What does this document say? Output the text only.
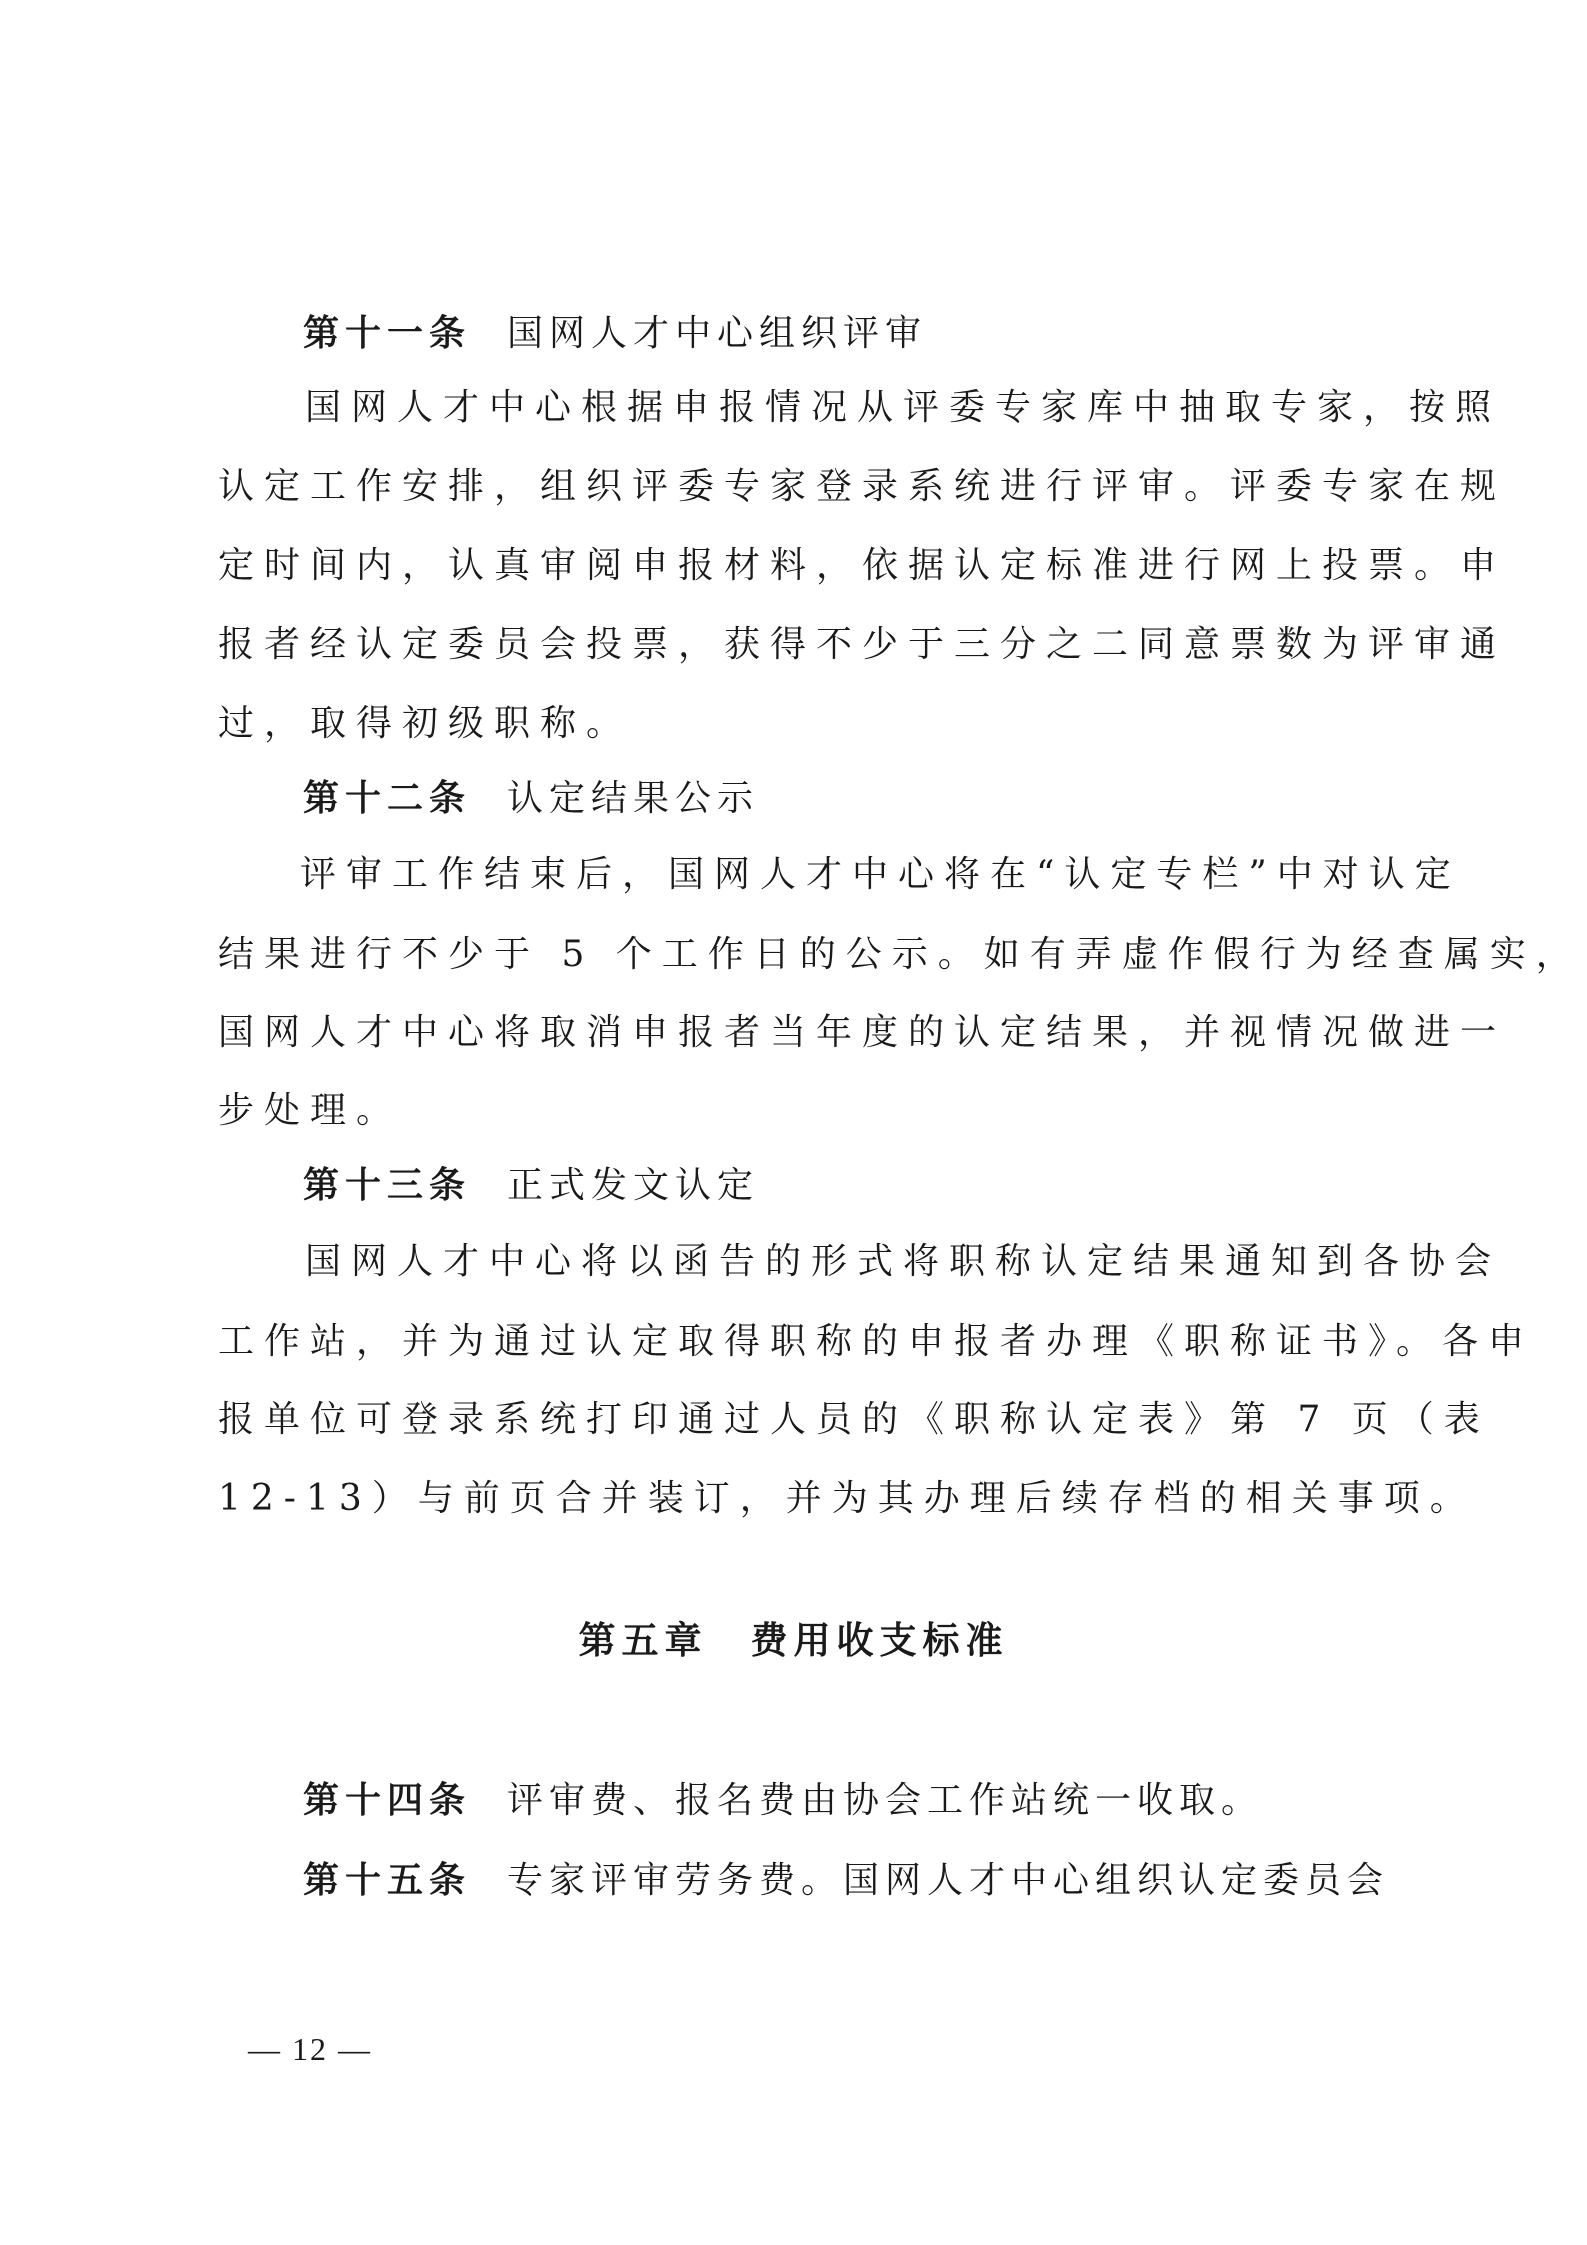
第十一条 国网人才中心组织评审
国网人才中心根据申报情况从评委专家库中抽取专家，按照
认定工作安排，组织评委专家登录系统进行评审。评委专家在规
定时间内，认真审阅申报材料，依据认定标准进行网上投票。申
报者经认定委员会投票，获得不少于三分之二同意票数为评审通
过，取得初级职称。
第十二条 认定结果公示
评审工作结束后，国网人才中心将在“认定专栏”中对认定
结果进行不少于 5 个工作日的公示。如有弄虚作假行为经查属实，
国网人才中心将取消申报者当年度的认定结果，并视情况做进一
步处理。
第十三条 正式发文认定
国网人才中心将以函告的形式将职称认定结果通知到各协会
工作站，并为通过认定取得职称的申报者办理《职称证书》。各申
报单位可登录系统打印通过人员的《职称认定表》第 7 页（表
12-13）与前页合并装订，并为其办理后续存档的相关事项。
第五章　费用收支标准
第十四条 评审费、报名费由协会工作站统一收取。
第十五条 专家评审劳务费。国网人才中心组织认定委员会
— 12 —
